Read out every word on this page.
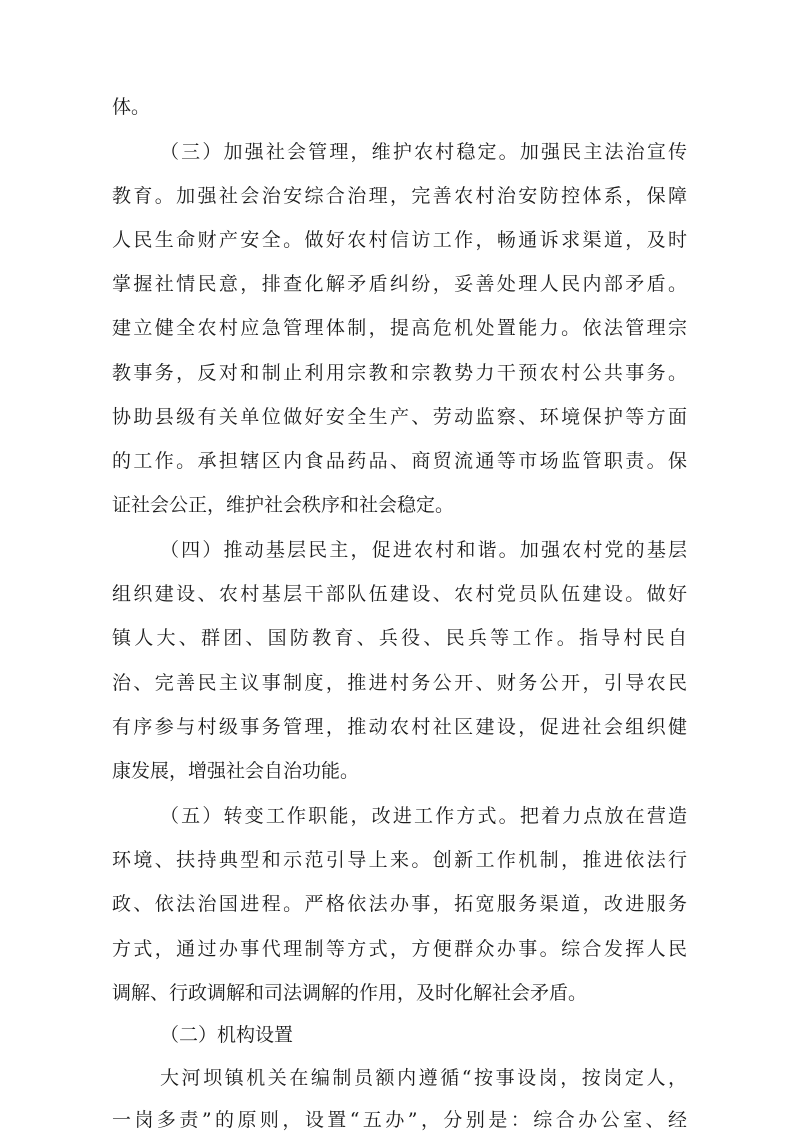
体。
（三）加强社会管理，维护农村稳定。加强民主法治宣传
教育。加强社会治安综合治理，完善农村治安防控体系，保障
人民生命财产安全。做好农村信访工作，畅通诉求渠道，及时
掌握社情民意，排查化解矛盾纠纷，妥善处理人民内部矛盾。
建立健全农村应急管理体制，提高危机处置能力。依法管理宗
教事务，反对和制止利用宗教和宗教势力干预农村公共事务。
协助县级有关单位做好安全生产、劳动监察、环境保护等方面
的工作。承担辖区内食品药品、商贸流通等市场监管职责。保
证社会公正，维护社会秩序和社会稳定。
（四）推动基层民主，促进农村和谐。加强农村党的基层
组织建设、农村基层干部队伍建设、农村党员队伍建设。做好
镇人大、群团、国防教育、兵役、民兵等工作。指导村民自
治、完善民主议事制度，推进村务公开、财务公开，引导农民
有序参与村级事务管理，推动农村社区建设，促进社会组织健
康发展，增强社会自治功能。
（五）转变工作职能，改进工作方式。把着力点放在营造
环境、扶持典型和示范引导上来。创新工作机制，推进依法行
政、依法治国进程。严格依法办事，拓宽服务渠道，改进服务
方式，通过办事代理制等方式，方便群众办事。综合发挥人民
调解、行政调解和司法调解的作用，及时化解社会矛盾。
（二）机构设置
大河坝镇机关在编制员额内遵循“按事设岗，按岗定人，
一岗多责”的原则，设置“五办”，分别是：综合办公室、经
